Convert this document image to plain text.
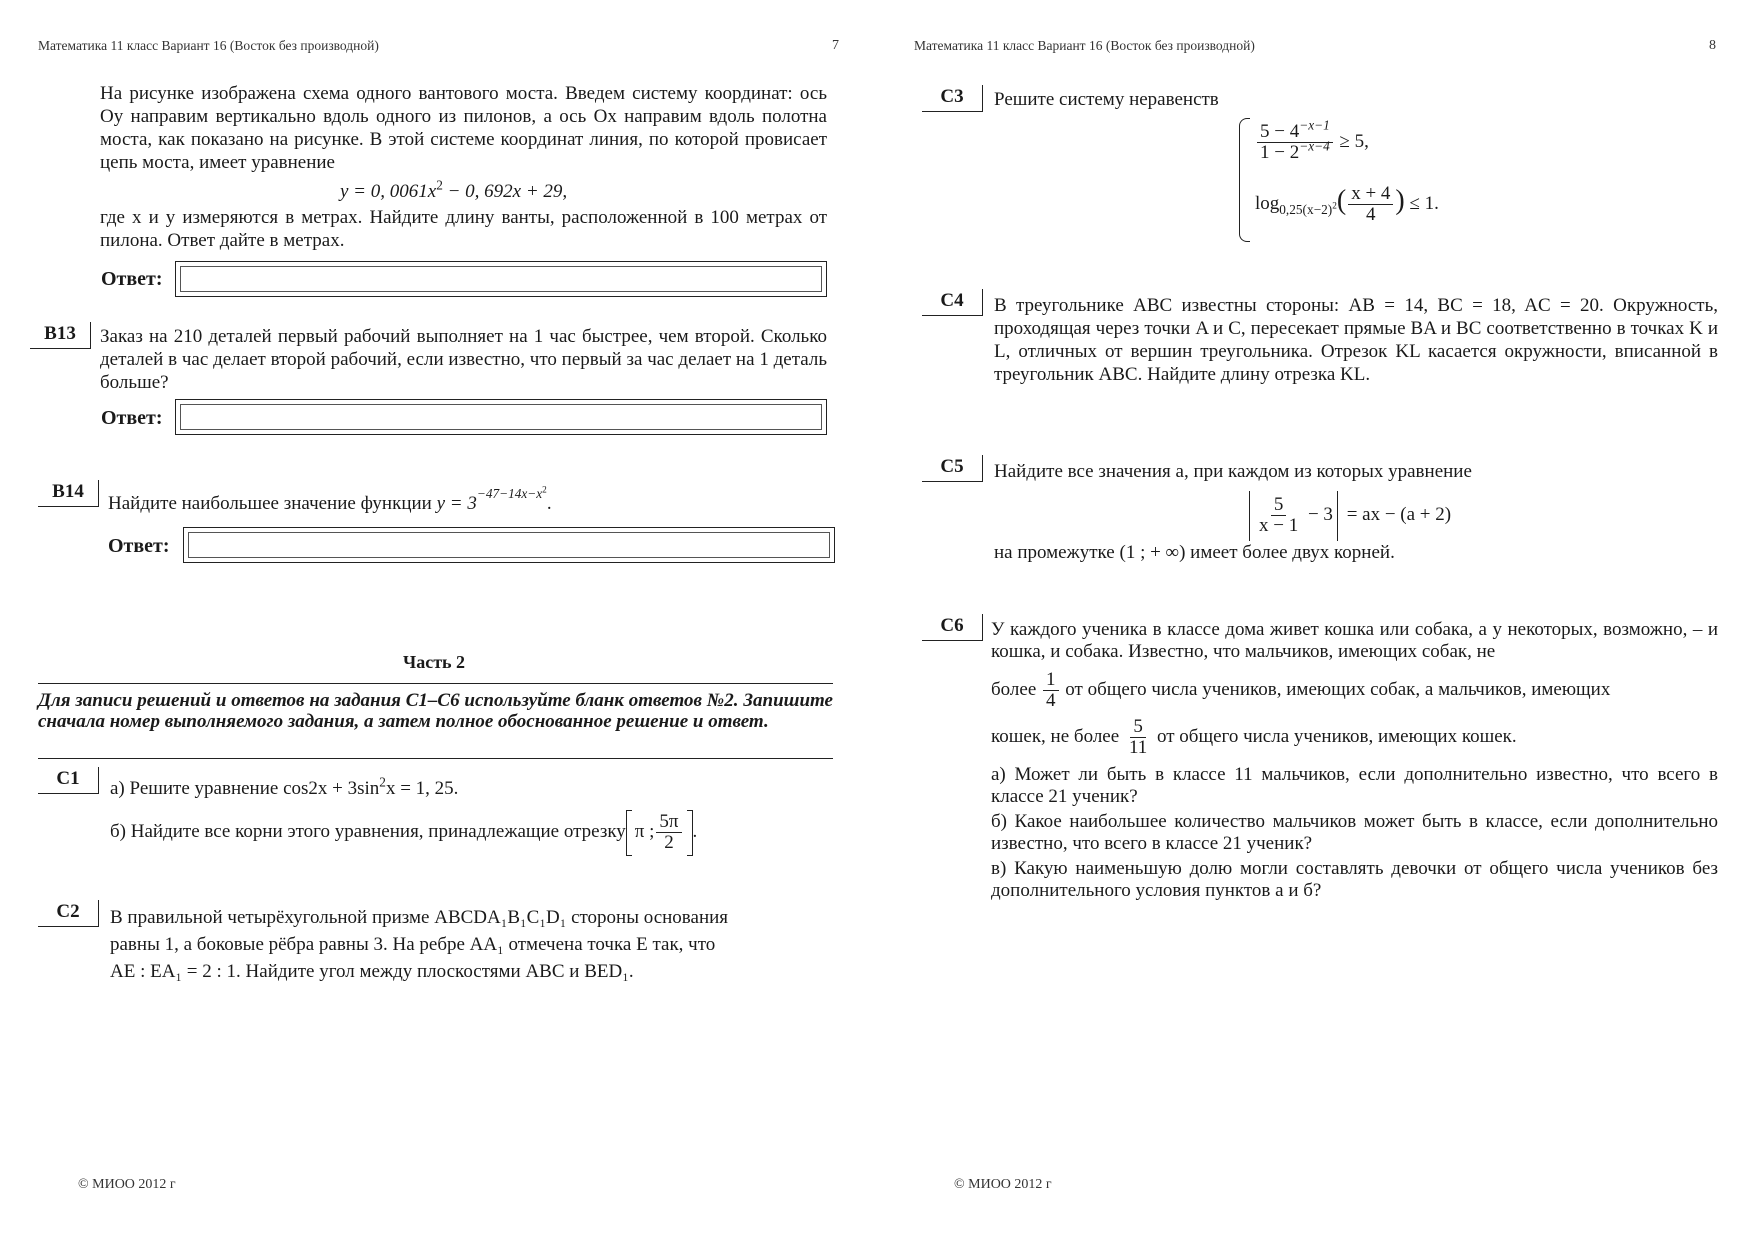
Математика 11 класс Вариант 16 (Восток без производной)	7
На рисунке изображена схема одного вантового моста. Введем систему координат: ось Oy направим вертикально вдоль одного из пилонов, а ось Ox направим вдоль полотна моста, как показано на рисунке. В этой системе координат линия, по которой провисает цепь моста, имеет уравнение
y = 0, $0061x^2 - 0$, 692x + 29,
где x и y измеряются в метрах. Найдите длину ванты, расположенной в 100 метрах от пилона. Ответ дайте в метрах.
Ответ:
B13	Заказ на 210 деталей первый рабочий выполняет на 1 час быстрее, чем второй. Сколько деталей в час делает второй рабочий, если известно, что первый за час делает на 1 деталь больше?
Ответ:
B14
Найдите наибольшее значение функции $y = 3^{-47-14x-x^2}$.
Ответ:
Часть 2
Для записи решений и ответов на задания C1–C6 используйте бланк ответов №2. Запишите сначала номер выполняемого задания, а затем полное обоснованное решение и ответ.
C1	а) Решите уравнение $\cos 2x + 3\sin^2x = 1$, 25.
б) Найдите все корни этого уравнения, принадлежащие отрезку π ; $\frac{5\pi}{2}$ .
C2	В правильной четырёхугольной призме ABCDA₁B₁C₁D₁ стороны основания
равны 1, а боковые рёбра равны 3. На ребре AA₁ отмечена точка E так, что
AE : EA₁ = 2 : 1. Найдите угол между плоскостями ABC и BED₁.
© МИОО 2012 г
Математика 11 класс Вариант 16 (Восток без производной)	8
C3	Решите систему неравенств
$\frac{5 - 4^{-x-1}}{1 - 2^{-x-4}} \ge 5$,
$\log_{0,25(x-2)^2}( \frac{x + 4}{4}$ ) ≤ 1.
C4	В треугольнике ABC известны стороны: AB = 14, BC = 18, AC = 20. Окружность, проходящая через точки A и C, пересекает прямые BA и BC соответственно в точках K и L, отличных от вершин треугольника. Отрезок KL касается окружности, вписанной в треугольник ABC. Найдите длину отрезка KL.
C5	Найдите все значения a, при каждом из которых уравнение
$\frac{5}{x - 1} - 3$ = ax − (a + 2)
на промежутке (1 ; + ∞) имеет более двух корней.
C6	У каждого ученика в классе дома живет кошка или собака, а у некоторых, возможно, – и кошка, и собака. Известно, что мальчиков, имеющих собак, не
более $\frac{1}{4}$ от общего числа учеников, имеющих собак, а мальчиков, имеющих
кошек, не более $\frac{5}{11}$ от общего числа учеников, имеющих кошек.
а) Может ли быть в классе 11 мальчиков, если дополнительно известно, что всего в классе 21 ученик?
б) Какое наибольшее количество мальчиков может быть в классе, если дополнительно известно, что всего в классе 21 ученик?
в) Какую наименьшую долю могли составлять девочки от общего числа учеников без дополнительного условия пунктов а и б?
© МИОО 2012 г
